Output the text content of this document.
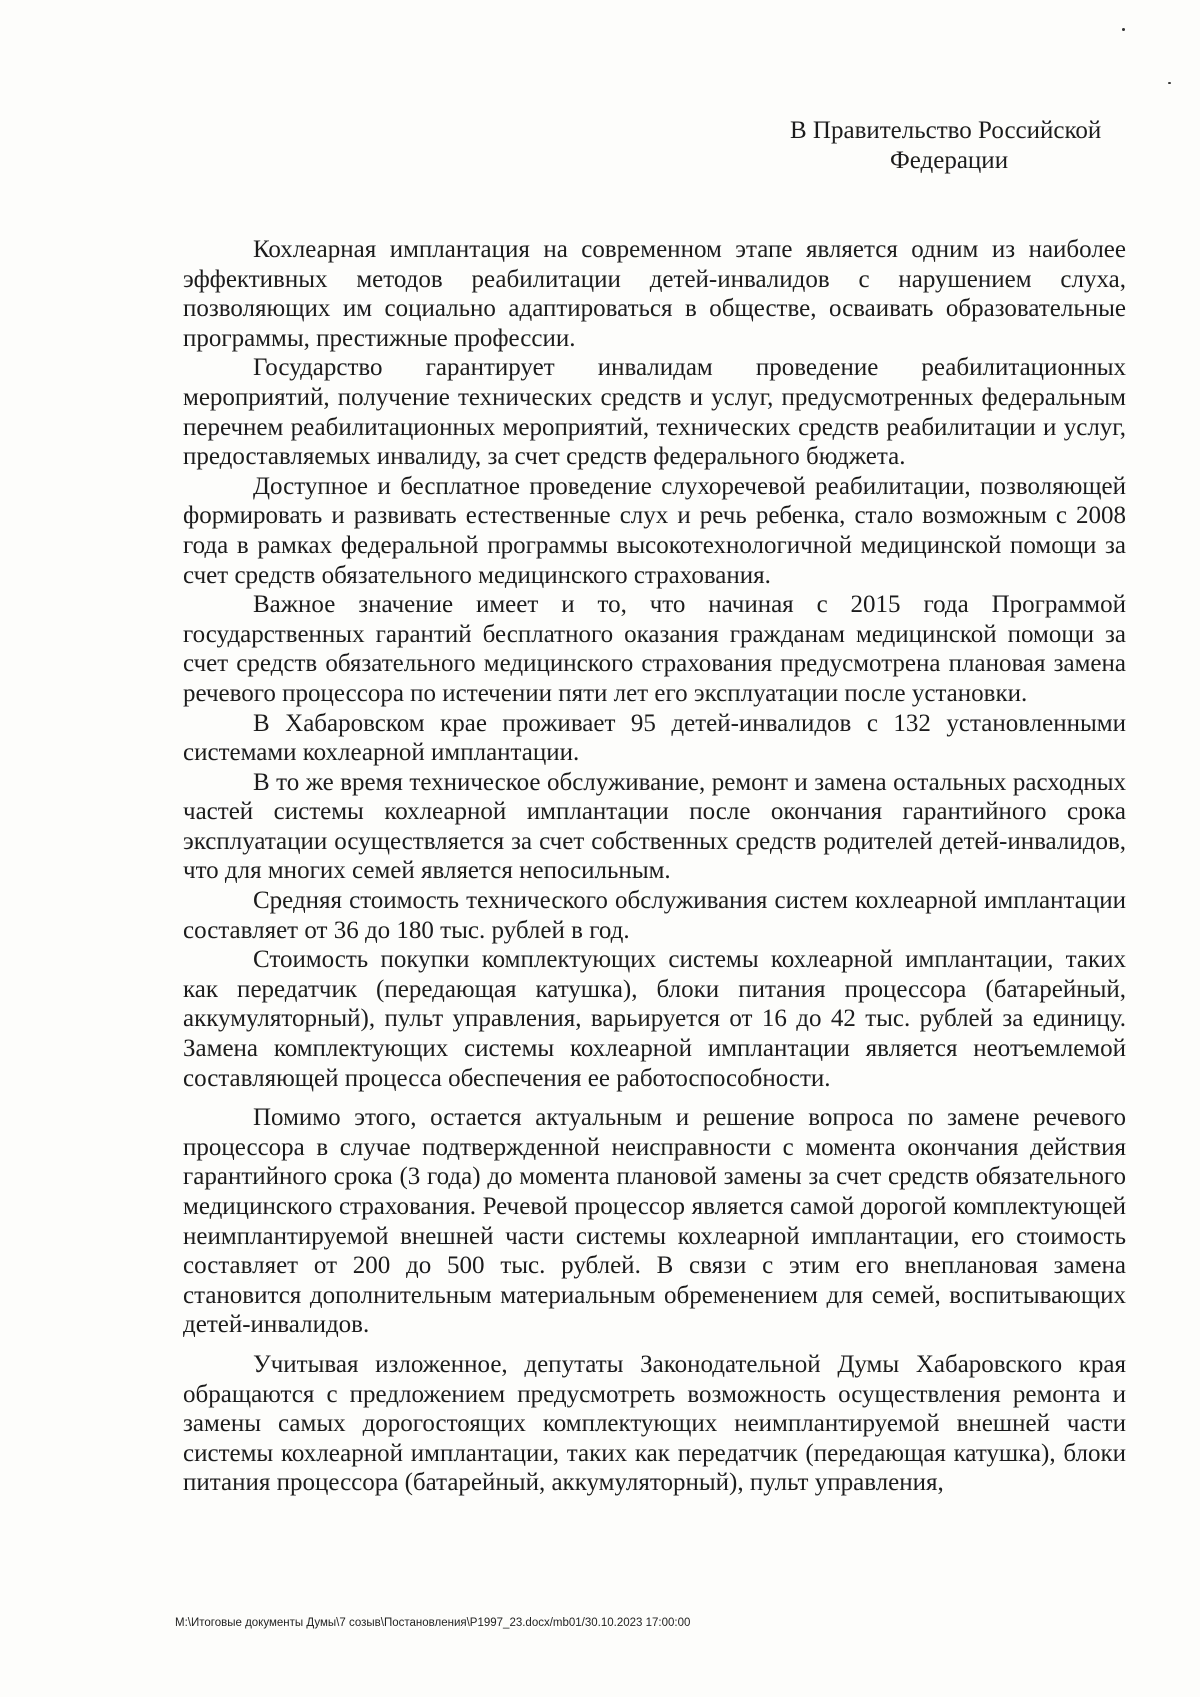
В Правительство Российской
Федерации

Кохлеарная имплантация на современном этапе является одним из наиболее эффективных методов реабилитации детей-инвалидов с нарушением слуха, позволяющих им социально адаптироваться в обществе, осваивать образовательные программы, престижные профессии.

Государство гарантирует инвалидам проведение реабилитационных мероприятий, получение технических средств и услуг, предусмотренных федеральным перечнем реабилитационных мероприятий, технических средств реабилитации и услуг, предоставляемых инвалиду, за счет средств федерального бюджета.

Доступное и бесплатное проведение слухоречевой реабилитации, позволяющей формировать и развивать естественные слух и речь ребенка, стало возможным с 2008 года в рамках федеральной программы высокотехнологичной медицинской помощи за счет средств обязательного медицинского страхования.

Важное значение имеет и то, что начиная с 2015 года Программой государственных гарантий бесплатного оказания гражданам медицинской помощи за счет средств обязательного медицинского страхования предусмотрена плановая замена речевого процессора по истечении пяти лет его эксплуатации после установки.

В Хабаровском крае проживает 95 детей-инвалидов с 132 установленными системами кохлеарной имплантации.

В то же время техническое обслуживание, ремонт и замена остальных расходных частей системы кохлеарной имплантации после окончания гарантийного срока эксплуатации осуществляется за счет собственных средств родителей детей-инвалидов, что для многих семей является непосильным.

Средняя стоимость технического обслуживания систем кохлеарной имплантации составляет от 36 до 180 тыс. рублей в год.

Стоимость покупки комплектующих системы кохлеарной имплантации, таких как передатчик (передающая катушка), блоки питания процессора (батарейный, аккумуляторный), пульт управления, варьируется от 16 до 42 тыс. рублей за единицу. Замена комплектующих системы кохлеарной имплантации является неотъемлемой составляющей процесса обеспечения ее работоспособности.

Помимо этого, остается актуальным и решение вопроса по замене речевого процессора в случае подтвержденной неисправности с момента окончания действия гарантийного срока (3 года) до момента плановой замены за счет средств обязательного медицинского страхования. Речевой процессор является самой дорогой комплектующей неимплантируемой внешней части системы кохлеарной имплантации, его стоимость составляет от 200 до 500 тыс. рублей. В связи с этим его внеплановая замена становится дополнительным материальным обременением для семей, воспитывающих детей-инвалидов.

Учитывая изложенное, депутаты Законодательной Думы Хабаровского края обращаются с предложением предусмотреть возможность осуществления ремонта и замены самых дорогостоящих комплектующих неимплантируемой внешней части системы кохлеарной имплантации, таких как передатчик (передающая катушка), блоки питания процессора (батарейный, аккумуляторный), пульт управления,

M:\Итоговые документы Думы\7 созыв\Постановления\P1997_23.docx/mb01/30.10.2023 17:00:00
